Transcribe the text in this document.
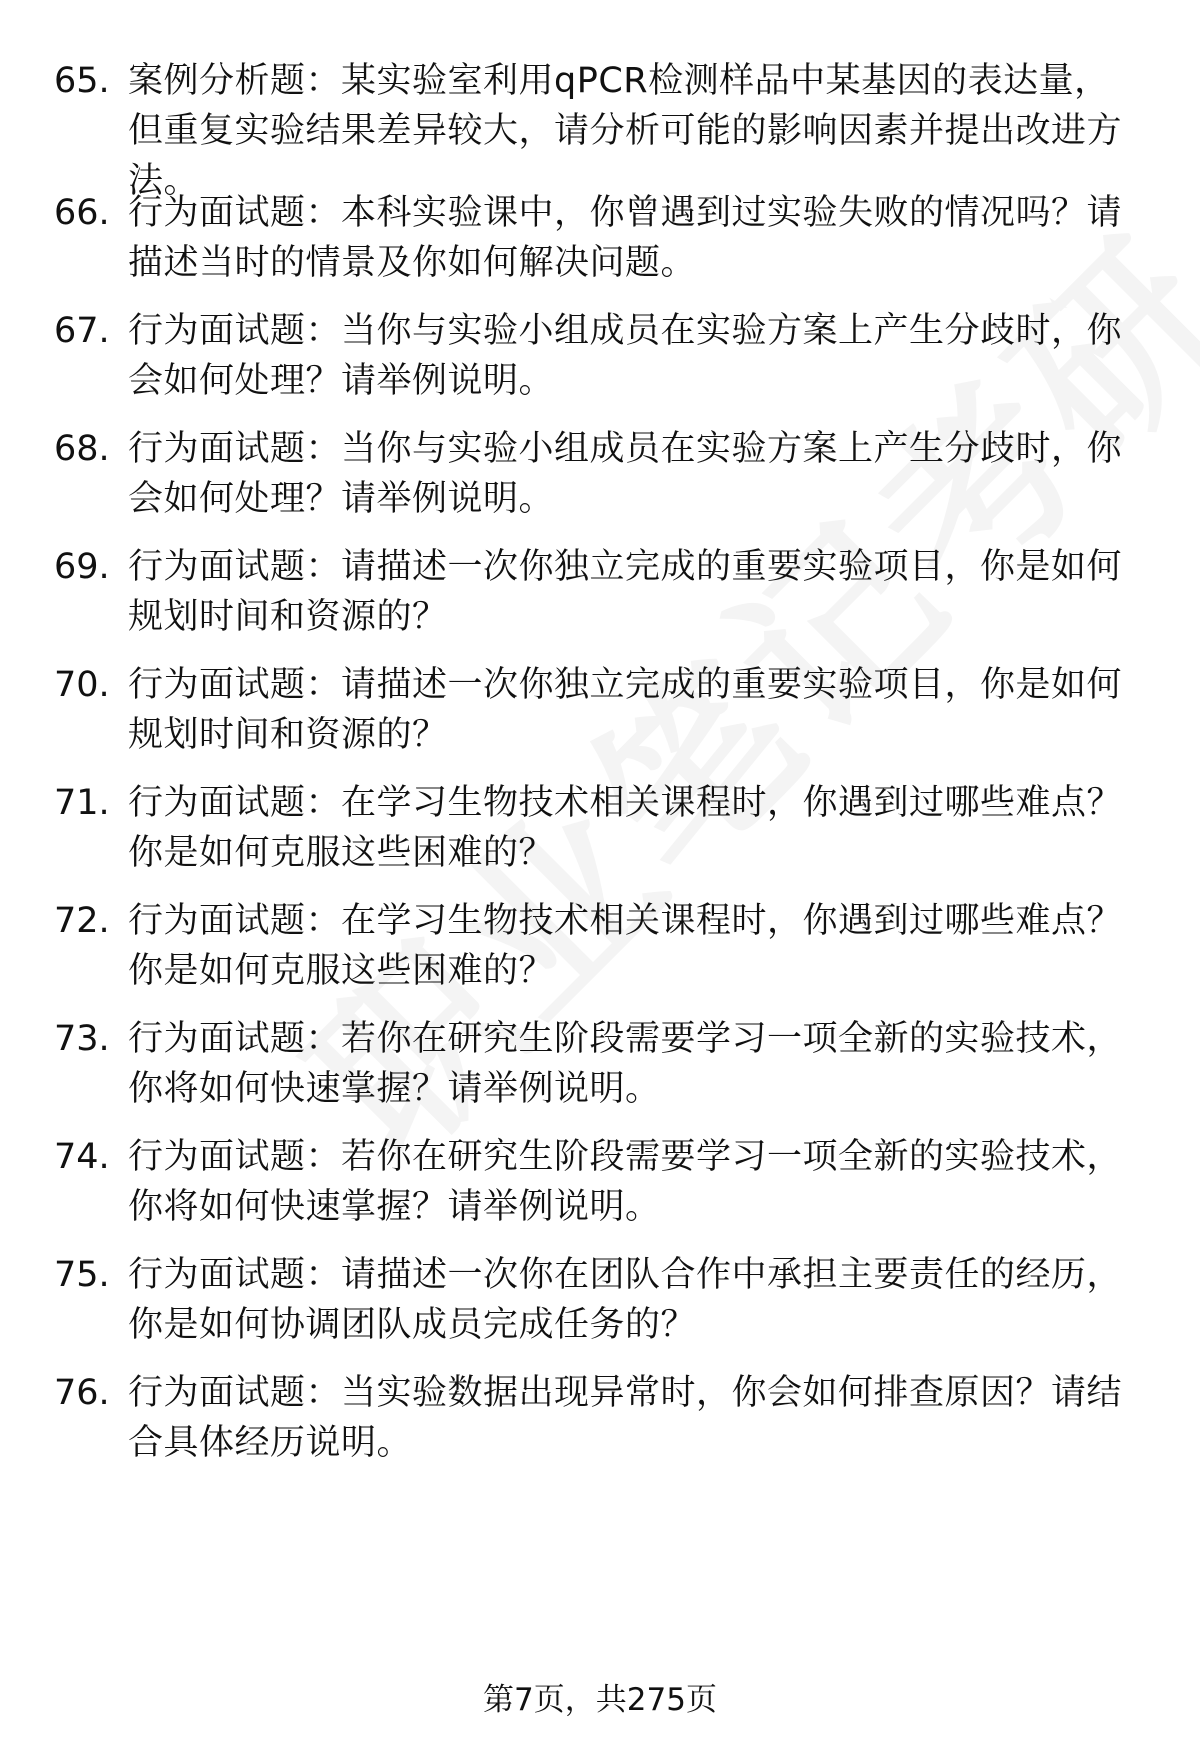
65. 案例分析题：某实验室利用qPCR检测样品中某基因的表达量，但重复实验结果差异较大，请分析可能的影响因素并提出改进方法。
66. 行为面试题：本科实验课中，你曾遇到过实验失败的情况吗？请描述当时的情景及你如何解决问题。
67. 行为面试题：当你与实验小组成员在实验方案上产生分歧时，你会如何处理？请举例说明。
68. 行为面试题：当你与实验小组成员在实验方案上产生分歧时，你会如何处理？请举例说明。
69. 行为面试题：请描述一次你独立完成的重要实验项目，你是如何规划时间和资源的？
70. 行为面试题：请描述一次你独立完成的重要实验项目，你是如何规划时间和资源的？
71. 行为面试题：在学习生物技术相关课程时，你遇到过哪些难点？你是如何克服这些困难的？
72. 行为面试题：在学习生物技术相关课程时，你遇到过哪些难点？你是如何克服这些困难的？
73. 行为面试题：若你在研究生阶段需要学习一项全新的实验技术，你将如何快速掌握？请举例说明。
74. 行为面试题：若你在研究生阶段需要学习一项全新的实验技术，你将如何快速掌握？请举例说明。
75. 行为面试题：请描述一次你在团队合作中承担主要责任的经历，你是如何协调团队成员完成任务的？
76. 行为面试题：当实验数据出现异常时，你会如何排查原因？请结合具体经历说明。
第7页，共275页
